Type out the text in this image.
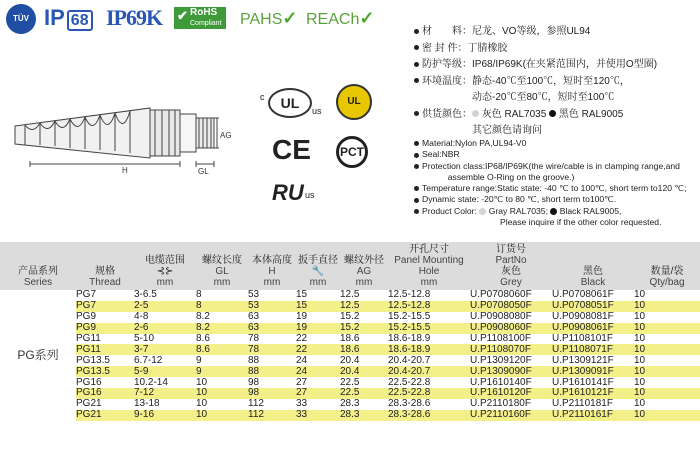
TÜV IP 68 IP69K ✔ RoHS
Compliant PAHS✓ REACh✓
AG
H	GL
c	UL	us
UL
CE	PCT
RU us
材　　料：尼龙、VO等级，参照UL94
密 封 件：丁腈橡胶
防护等级：IP68/IP69K(在夹紧范围内，并使用O型圈)
环境温度：静态-40℃至100℃，短时至120℃，
　　　　　动态-20℃至80℃，短时至100℃
供货颜色： 灰色 RAL7035 黑色 RAL9005
　　　　　其它颜色请询问
Material:Nylon PA,UL94-V0
Seal:NBR
Protection class:IP68/IP69K(the wire/cable is in clamping range,and
　　　assemble O-Ring on the groove.)
Temperature range:Static state: -40 ℃ to 100℃, short term to120 ℃;
Dynamic state: -20℃ to 80 ℃, short term to100℃.
Product Color: Gray RAL7035; Black RAL9005,
Please inquire if the other color requested.
产品系列
Series	规格
Thread	电缆范围
⊰⊱
mm	螺纹长度
GL
mm	本体高度
H
mm	扳手直径
🔧
mm	螺纹外径
AG
mm	开孔尺寸
Panel Mounting
Hole
mm	订货号
PartNo
灰色
Grey	黑色
Black	数量/袋
Qty/bag
PG系列	PG7	3-6.5	8	53	15	12.5	12.5-12.8	U.P0708060F	U.P0708061F	10
	PG7	2-5	8	53	15	12.5	12.5-12.8	U.P0708050F	U.P0708051F	10
	PG9	4-8	8.2	63	19	15.2	15.2-15.5	U.P0908080F	U.P0908081F	10
	PG9	2-6	8.2	63	19	15.2	15.2-15.5	U.P0908060F	U.P0908061F	10
	PG11	5-10	8.6	78	22	18.6	18.6-18.9	U.P1108100F	U.P1108101F	10
	PG11	3-7	8.6	78	22	18.6	18.6-18.9	U.P1108070F	U.P1108071F	10
	PG13.5	6.7-12	9	88	24	20.4	20.4-20.7	U.P1309120F	U.P1309121F	10
	PG13.5	5-9	9	88	24	20.4	20.4-20.7	U.P1309090F	U.P1309091F	10
	PG16	10.2-14	10	98	27	22.5	22.5-22.8	U.P1610140F	U.P1610141F	10
	PG16	7-12	10	98	27	22.5	22.5-22.8	U.P1610120F	U.P1610121F	10
	PG21	13-18	10	112	33	28.3	28.3-28.6	U.P2110180F	U.P2110181F	10
	PG21	9-16	10	112	33	28.3	28.3-28.6	U.P2110160F	U.P2110161F	10
